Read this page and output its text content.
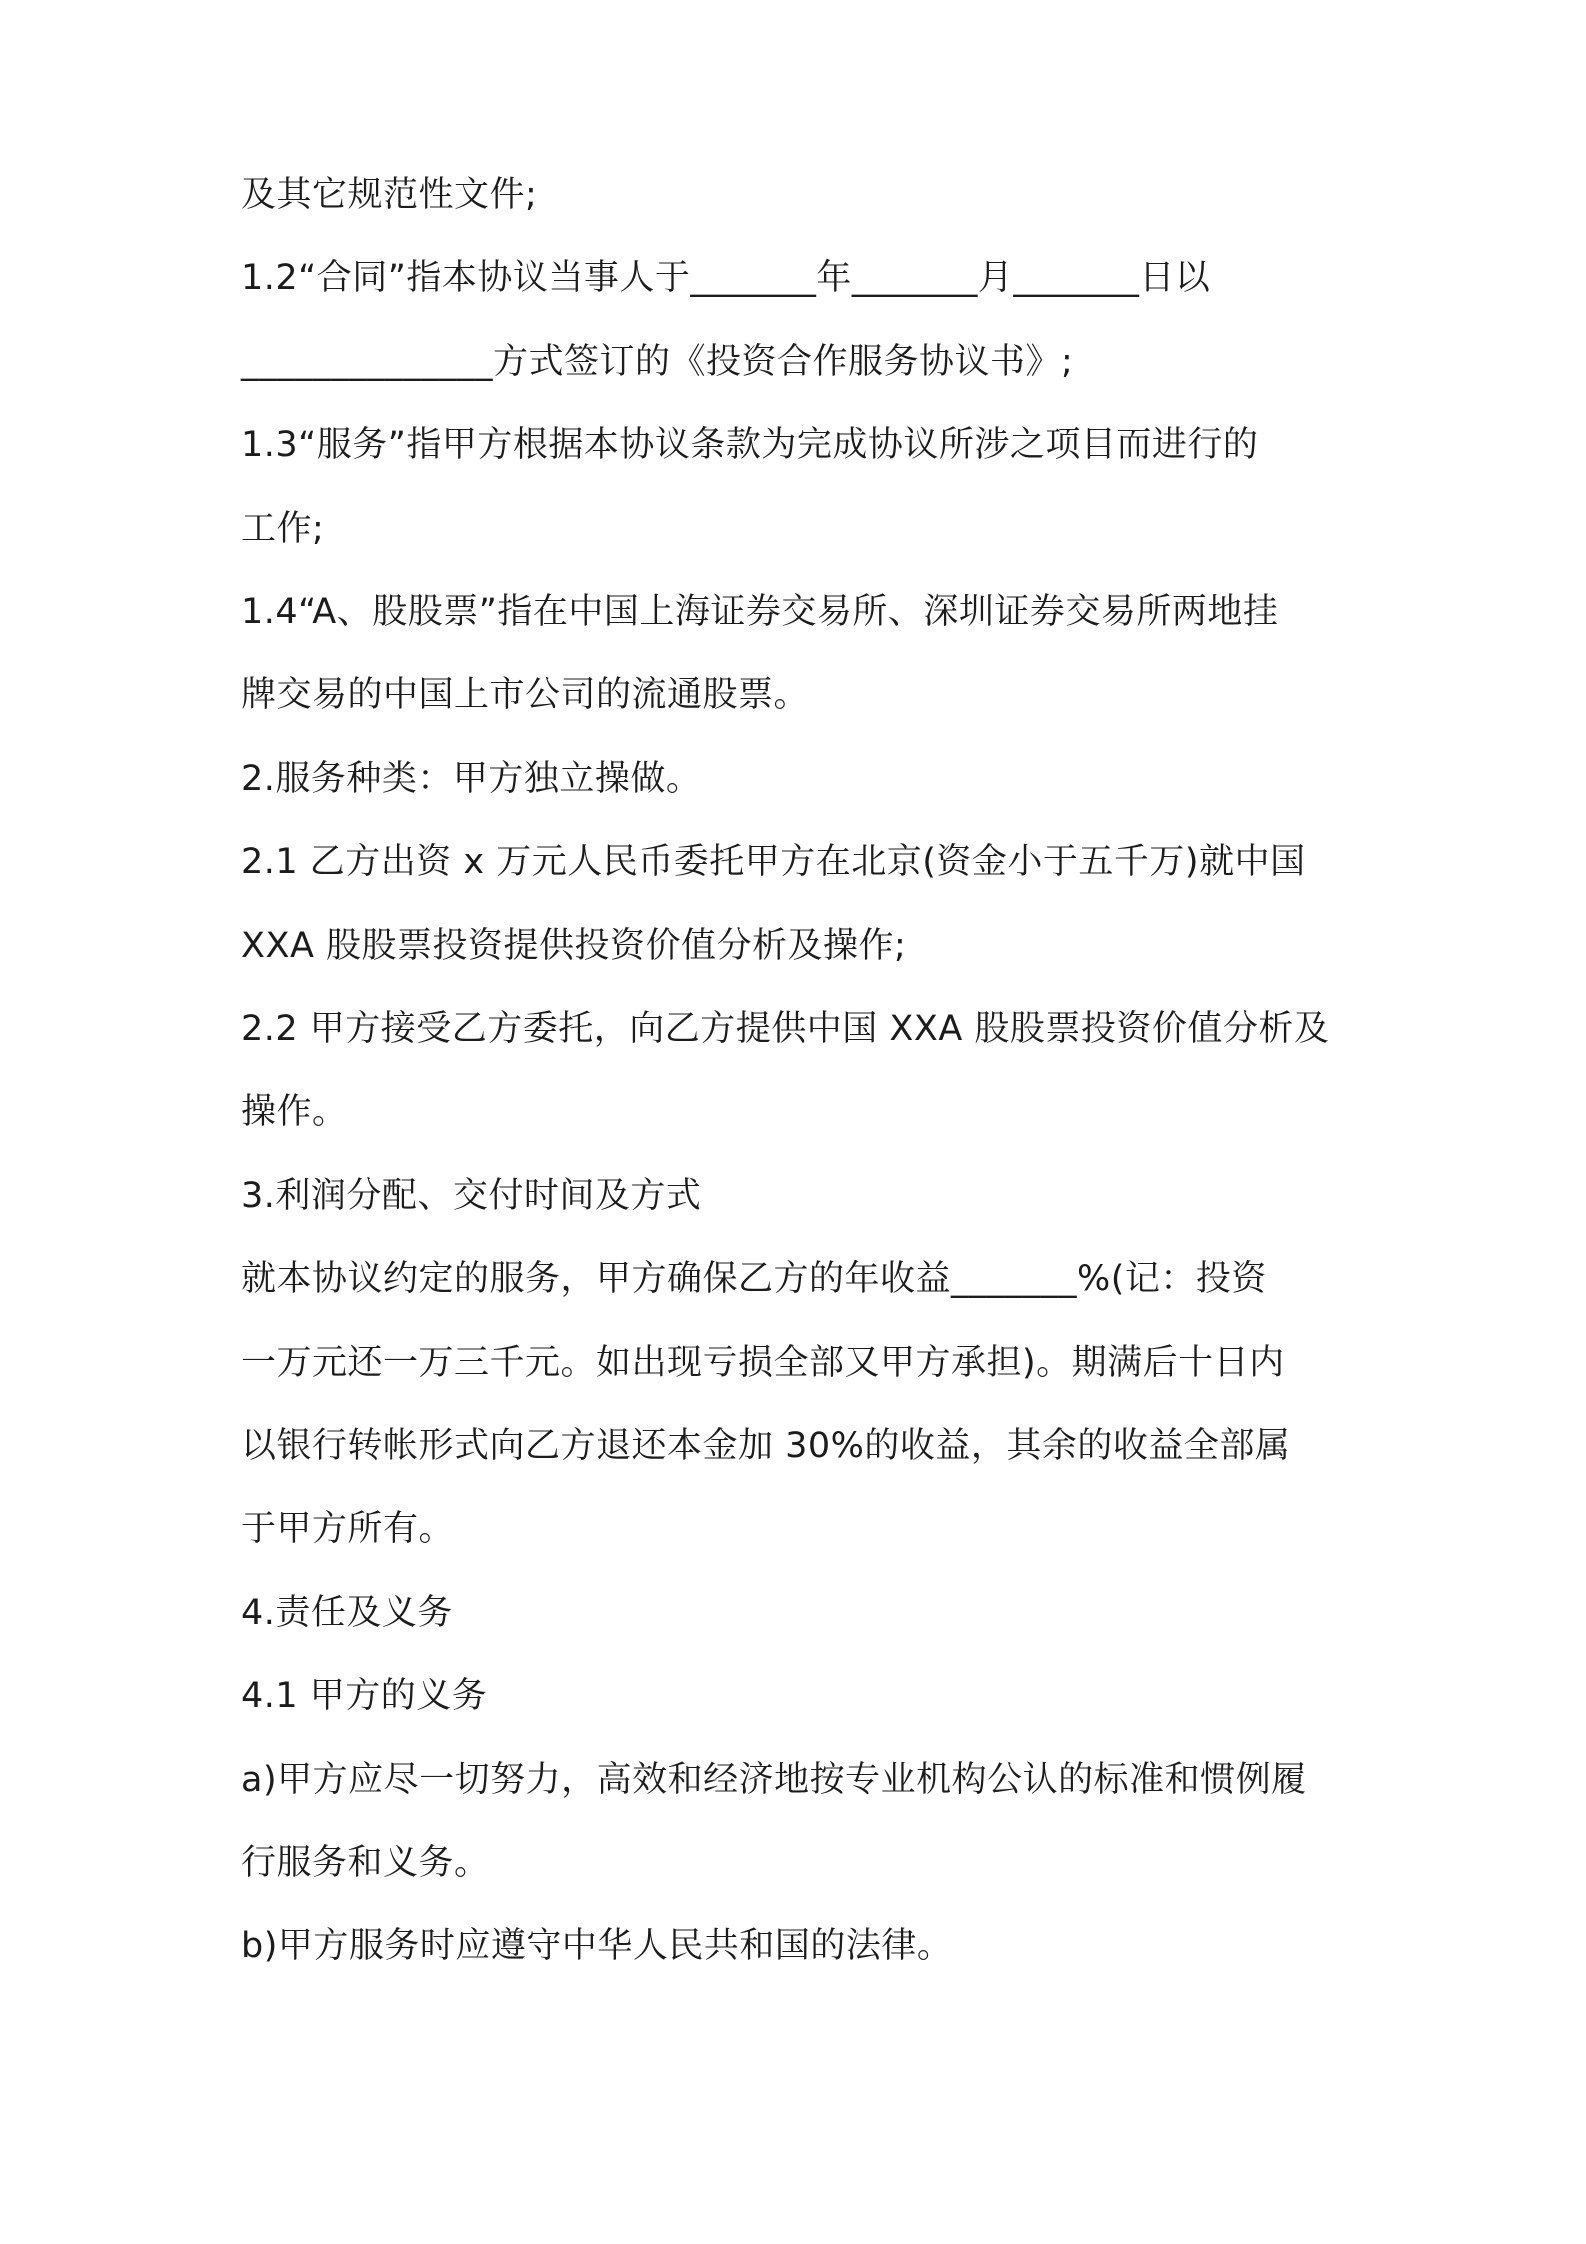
及其它规范性文件;
1.2“合同”指本协议当事人于_______年_______月_______日以
______________方式签订的《投资合作服务协议书》;
1.3“服务”指甲方根据本协议条款为完成协议所涉之项目而进行的
工作;
1.4“A、股股票”指在中国上海证券交易所、深圳证券交易所两地挂
牌交易的中国上市公司的流通股票。
2.服务种类：甲方独立操做。
2.1 乙方出资 x 万元人民币委托甲方在北京(资金小于五千万)就中国
XXA 股股票投资提供投资价值分析及操作;
2.2 甲方接受乙方委托，向乙方提供中国 XXA 股股票投资价值分析及
操作。
3.利润分配、交付时间及方式
就本协议约定的服务，甲方确保乙方的年收益_______%(记：投资
一万元还一万三千元。如出现亏损全部又甲方承担)。期满后十日内
以银行转帐形式向乙方退还本金加 30%的收益，其余的收益全部属
于甲方所有。
4.责任及义务
4.1 甲方的义务
a)甲方应尽一切努力，高效和经济地按专业机构公认的标准和惯例履
行服务和义务。
b)甲方服务时应遵守中华人民共和国的法律。
